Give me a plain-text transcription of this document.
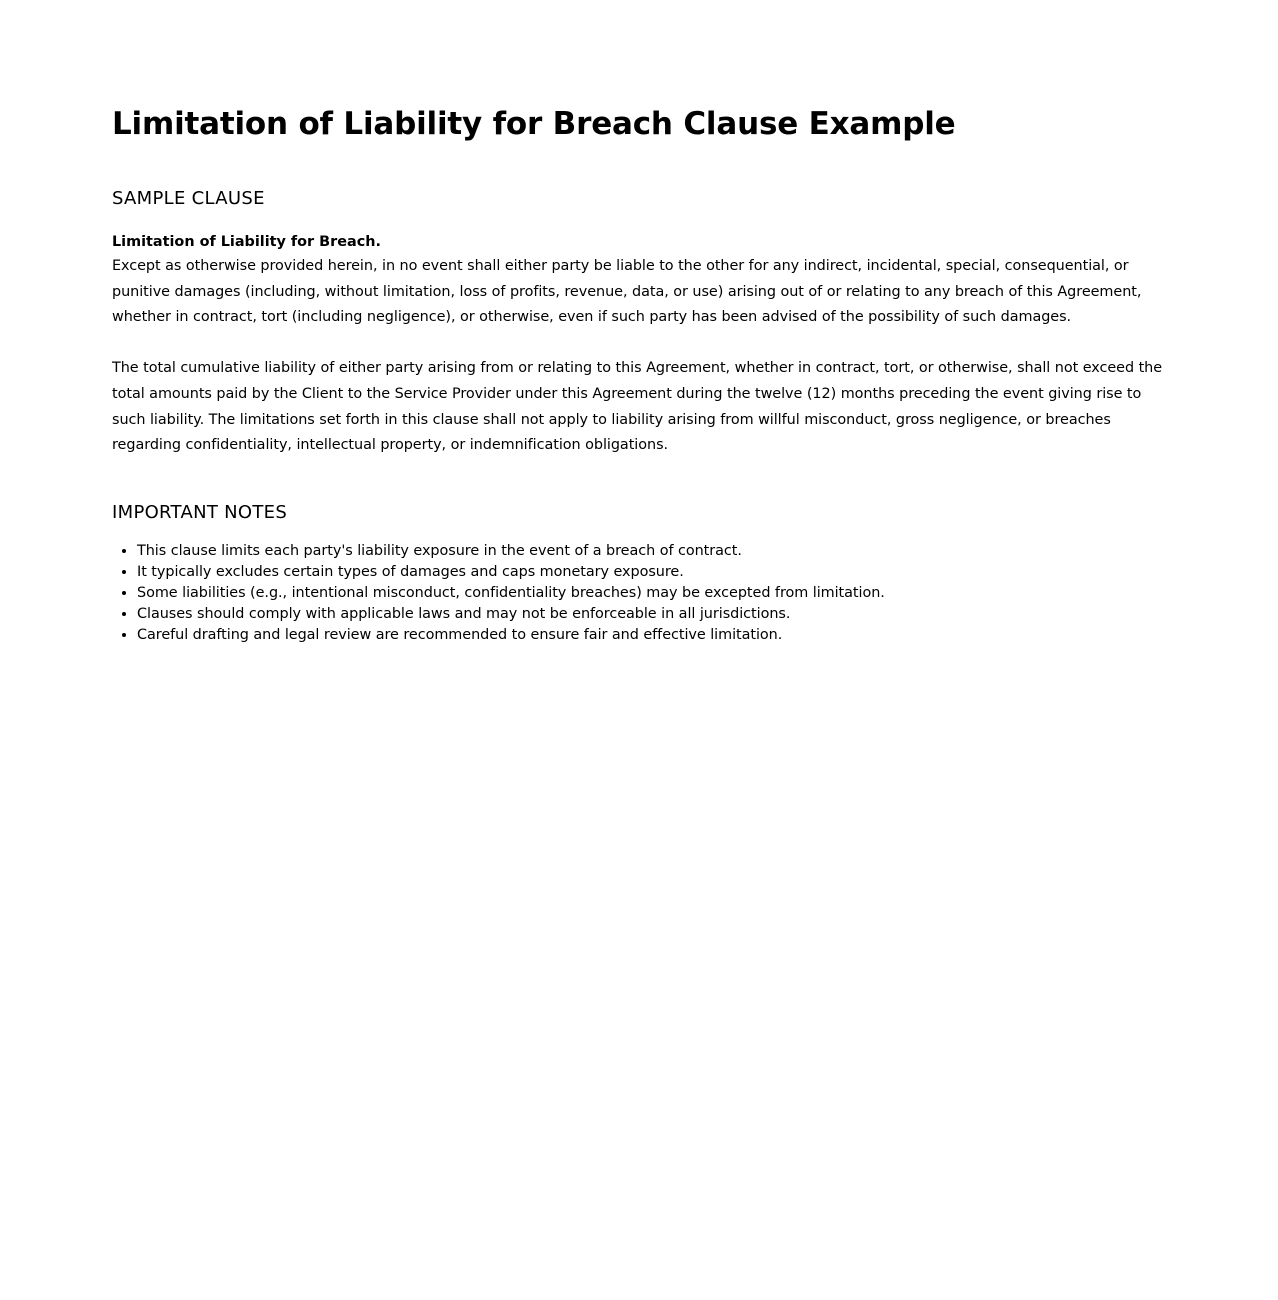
Limitation of Liability for Breach Clause Example
SAMPLE CLAUSE
Limitation of Liability for Breach.

Except as otherwise provided herein, in no event shall either party be liable to the other for any indirect, incidental, special, consequential, or punitive damages (including, without limitation, loss of profits, revenue, data, or use) arising out of or relating to any breach of this Agreement, whether in contract, tort (including negligence), or otherwise, even if such party has been advised of the possibility of such damages.

The total cumulative liability of either party arising from or relating to this Agreement, whether in contract, tort, or otherwise, shall not exceed the total amounts paid by the Client to the Service Provider under this Agreement during the twelve (12) months preceding the event giving rise to such liability. The limitations set forth in this clause shall not apply to liability arising from willful misconduct, gross negligence, or breaches regarding confidentiality, intellectual property, or indemnification obligations.

IMPORTANT NOTES
• This clause limits each party's liability exposure in the event of a breach of contract.
• It typically excludes certain types of damages and caps monetary exposure.
• Some liabilities (e.g., intentional misconduct, confidentiality breaches) may be excepted from limitation.
• Clauses should comply with applicable laws and may not be enforceable in all jurisdictions.
• Careful drafting and legal review are recommended to ensure fair and effective limitation.
